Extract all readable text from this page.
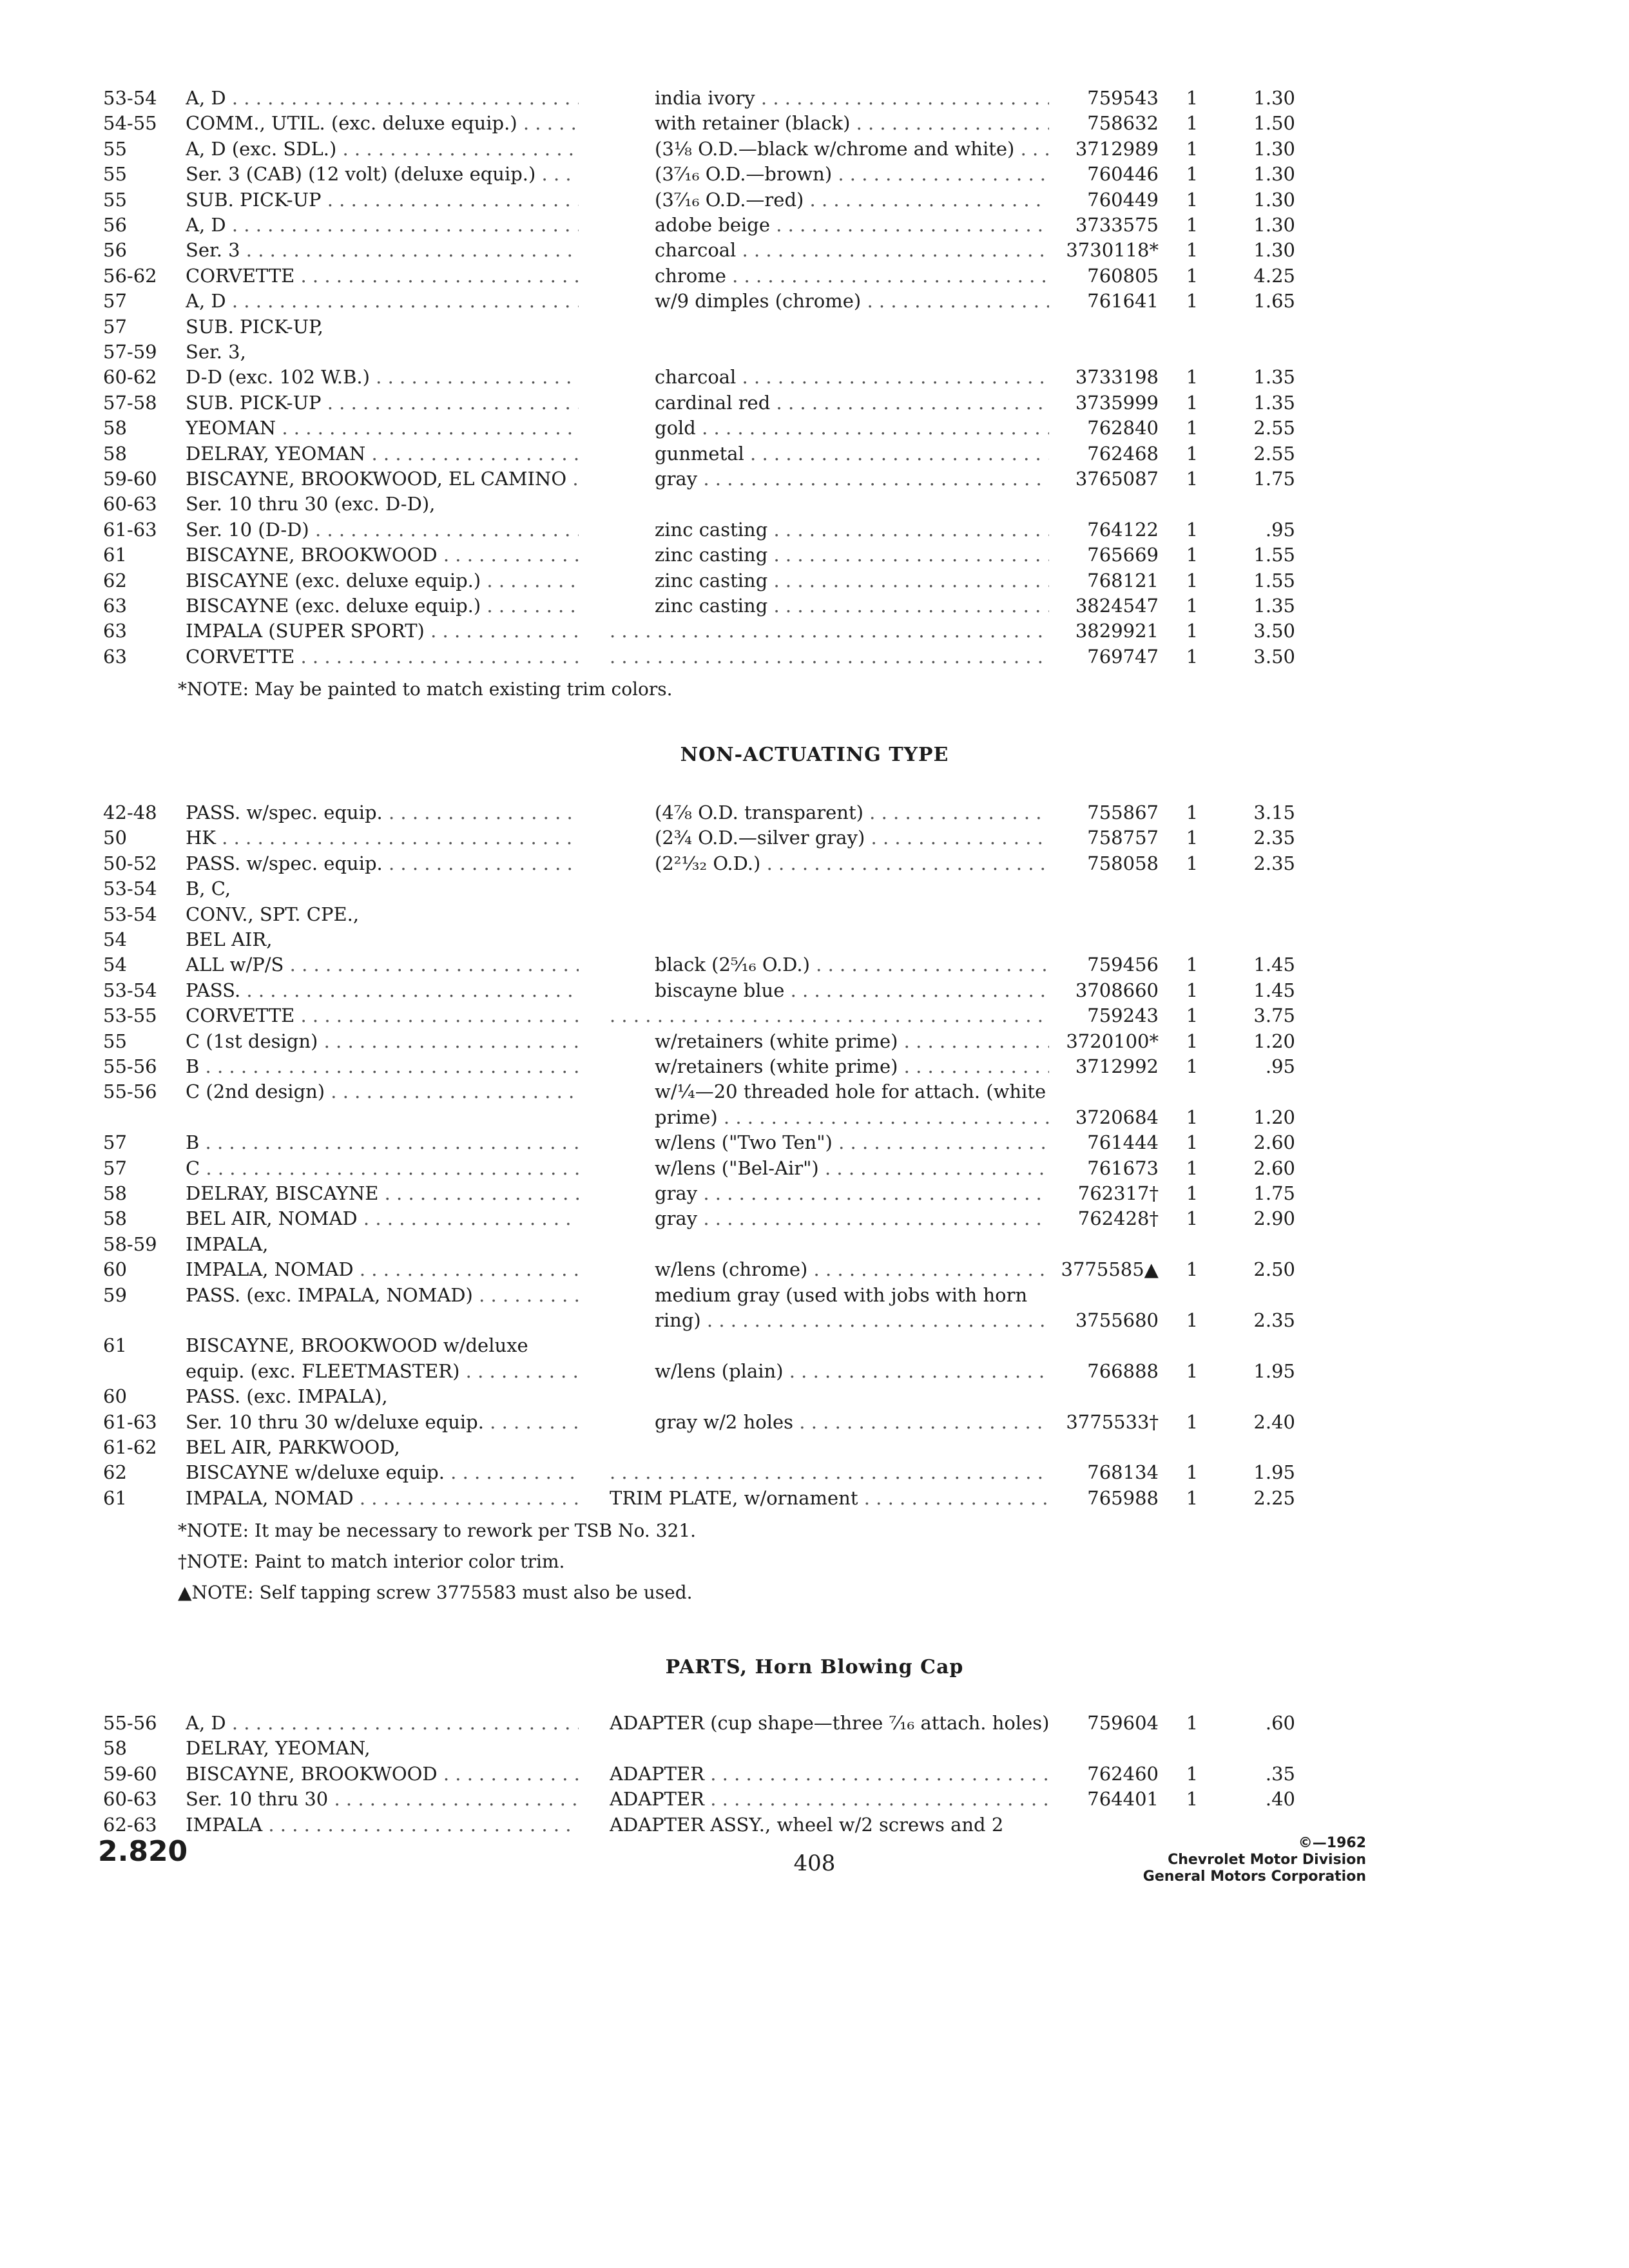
53-54	A, D . . .	india ivory . . .	759543	1	1.30
54-55	COMM., UTIL. (exc. deluxe equip.) . . .	with retainer (black) . . .	758632	1	1.50
55	A, D (exc. SDL.) . . .	(3⅛ O.D.—black w/chrome and white) . . .	3712989	1	1.30
55	Ser. 3 (CAB) (12 volt) (deluxe equip.) . . .	(3⁷⁄₁₆ O.D.—brown) . . .	760446	1	1.30
55	SUB. PICK-UP . . .	(3⁷⁄₁₆ O.D.—red) . . .	760449	1	1.30
56	A, D . . .	adobe beige . . .	3733575	1	1.30
56	Ser. 3 . . .	charcoal . . .	3730118*	1	1.30
56-62	CORVETTE . . .	chrome . . .	760805	1	4.25
57	A, D . . .	w/9 dimples (chrome) . . .	761641	1	1.65
57	SUB. PICK-UP,
57-59	Ser. 3,
60-62	D-D (exc. 102 W.B.) . . .	charcoal . . .	3733198	1	1.35
57-58	SUB. PICK-UP . . .	cardinal red . . .	3735999	1	1.35
58	YEOMAN . . .	gold . . .	762840	1	2.55
58	DELRAY, YEOMAN . . .	gunmetal . . .	762468	1	2.55
59-60	BISCAYNE, BROOKWOOD, EL CAMINO . . .	gray . . .	3765087	1	1.75
60-63	Ser. 10 thru 30 (exc. D-D),
61-63	Ser. 10 (D-D) . . .	zinc casting . . .	764122	1	.95
61	BISCAYNE, BROOKWOOD . . .	zinc casting . . .	765669	1	1.55
62	BISCAYNE (exc. deluxe equip.) . . .	zinc casting . . .	768121	1	1.55
63	BISCAYNE (exc. deluxe equip.) . . .	zinc casting . . .	3824547	1	1.35
63	IMPALA (SUPER SPORT) . . . . . .	3829921	1	3.50
63	CORVETTE . . . . . .	769747	1	3.50
*NOTE: May be painted to match existing trim colors.
NON-ACTUATING TYPE
42-48	PASS. w/spec. equip. . . .	(4⅞ O.D. transparent) . . .	755867	1	3.15
50	HK . . .	(2¾ O.D.—silver gray) . . .	758757	1	2.35
50-52	PASS. w/spec. equip. . . .	(2²¹⁄₃₂ O.D.) . . .	758058	1	2.35
53-54	B, C,
53-54	CONV., SPT. CPE.,
54	BEL AIR,
54	ALL w/P/S . . .	black (2⁵⁄₁₆ O.D.) . . .	759456	1	1.45
53-54	PASS. . . .	biscayne blue . . .	3708660	1	1.45
53-55	CORVETTE . . . . . .	759243	1	3.75
55	C (1st design) . . .	w/retainers (white prime) . . .	3720100*	1	1.20
55-56	B . . .	w/retainers (white prime) . . .	3712992	1	.95
55-56	C (2nd design) . . .	w/¼—20 threaded hole for attach. (white
prime) . . .	3720684	1	1.20
57	B . . .	w/lens ("Two Ten") . . .	761444	1	2.60
57	C . . .	w/lens ("Bel-Air") . . .	761673	1	2.60
58	DELRAY, BISCAYNE . . .	gray . . .	762317†	1	1.75
58	BEL AIR, NOMAD . . .	gray . . .	762428†	1	2.90
58-59	IMPALA,
60	IMPALA, NOMAD . . .	w/lens (chrome) . . .	3775585▲	1	2.50
59	PASS. (exc. IMPALA, NOMAD) . . .	medium gray (used with jobs with horn
ring) . . .	3755680	1	2.35
61	BISCAYNE, BROOKWOOD w/deluxe
equip. (exc. FLEETMASTER) . . .	w/lens (plain) . . .	766888	1	1.95
60	PASS. (exc. IMPALA),
61-63	Ser. 10 thru 30 w/deluxe equip. . . .	gray w/2 holes . . .	3775533†	1	2.40
61-62	BEL AIR, PARKWOOD,
62	BISCAYNE w/deluxe equip. . . . . . .	768134	1	1.95
61	IMPALA, NOMAD . . .	TRIM PLATE, w/ornament . . .	765988	1	2.25
*NOTE: It may be necessary to rework per TSB No. 321.
†NOTE: Paint to match interior color trim.
▲NOTE: Self tapping screw 3775583 must also be used.
PARTS, Horn Blowing Cap
55-56	A, D . . .	ADAPTER (cup shape—three ⁷⁄₁₆ attach. holes) . . .	759604	1	.60
58	DELRAY, YEOMAN,
59-60	BISCAYNE, BROOKWOOD . . .	ADAPTER . . .	762460	1	.35
60-63	Ser. 10 thru 30 . . .	ADAPTER . . .	764401	1	.40
62-63	IMPALA . . .	ADAPTER ASSY., wheel w/2 screws and 2
2.820	408
©—1962
Chevrolet Motor Division
General Motors Corporation
